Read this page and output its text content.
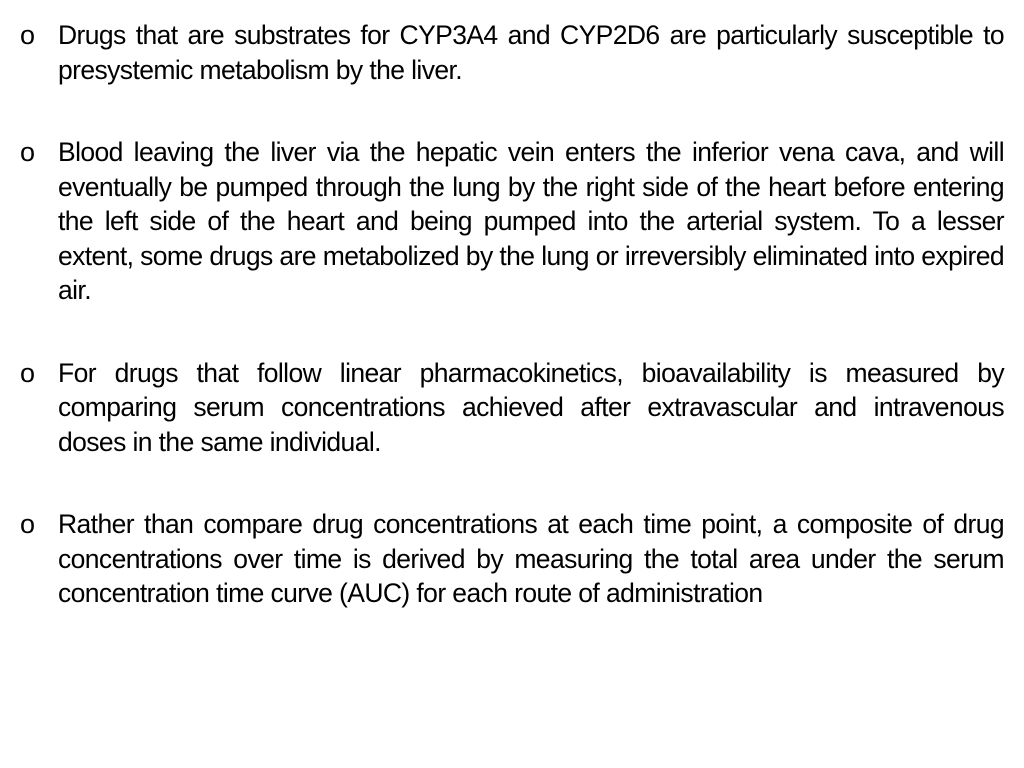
o Drugs that are substrates for CYP3A4 and CYP2D6 are particularly susceptible to presystemic metabolism by the liver.
o Blood leaving the liver via the hepatic vein enters the inferior vena cava, and will eventually be pumped through the lung by the right side of the heart before entering the left side of the heart and being pumped into the arterial system. To a lesser extent, some drugs are metabolized by the lung or irreversibly eliminated into expired air.
o For drugs that follow linear pharmacokinetics, bioavailability is measured by comparing serum concentrations achieved after extravascular and intravenous doses in the same individual.
o Rather than compare drug concentrations at each time point, a composite of drug concentrations over time is derived by measuring the total area under the serum concentration time curve (AUC) for each route of administration
